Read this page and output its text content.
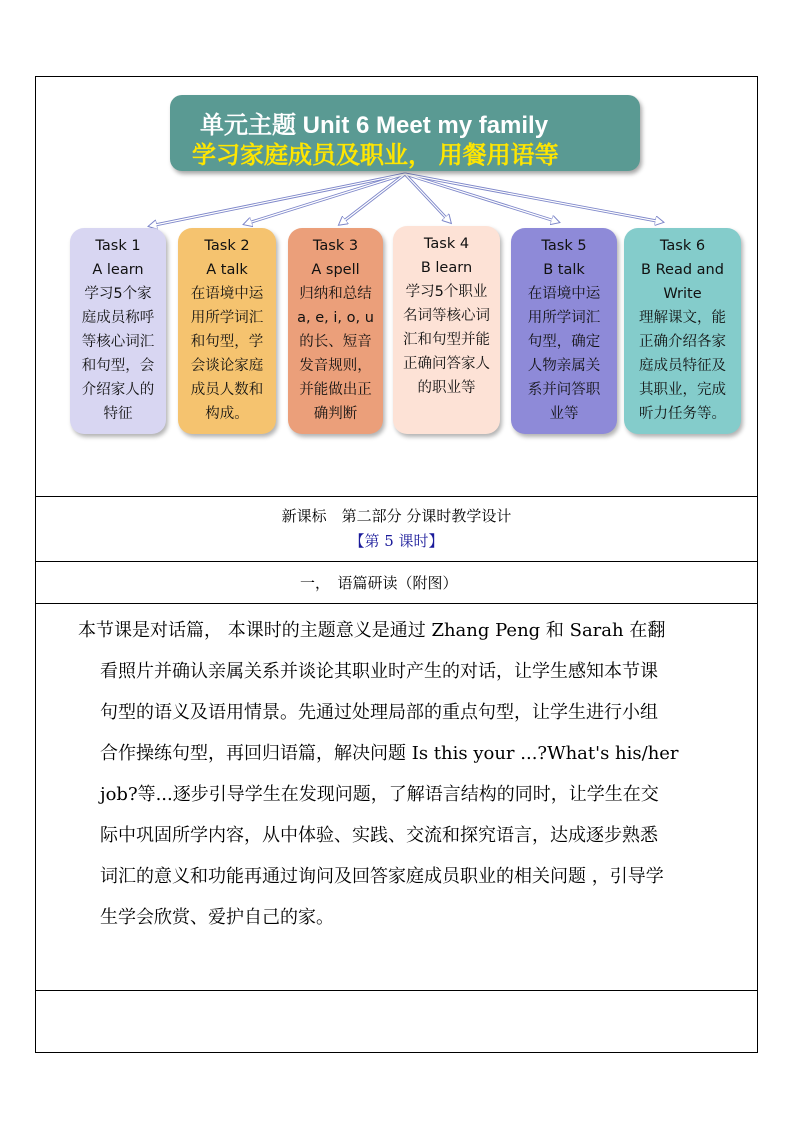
单元主题 Unit 6 Meet my family
学习家庭成员及职业， 用餐用语等
Task 1
A learn
学习5个家
庭成员称呼
等核心词汇
和句型，会
介绍家人的
特征
Task 2
A talk
在语境中运
用所学词汇
和句型，学
会谈论家庭
成员人数和
构成。
Task 3
A spell
归纳和总结
a, e, i, o, u
的长、短音
发音规则，
并能做出正
确判断
Task 4
B learn
学习5个职业
名词等核心词
汇和句型并能
正确问答家人
的职业等
Task 5
B talk
在语境中运
用所学词汇
句型，确定
人物亲属关
系并问答职
业等
Task 6
B Read and
Write
理解课文，能
正确介绍各家
庭成员特征及
其职业，完成
听力任务等。
新课标　第二部分 分课时教学设计
【第 5 课时】
一，　语篇研读（附图）
本节课是对话篇， 本课时的主题意义是通过 Zhang Peng 和 Sarah 在翻
看照片并确认亲属关系并谈论其职业时产生的对话，让学生感知本节课
句型的语义及语用情景。先通过处理局部的重点句型，让学生进行小组
合作操练句型，再回归语篇，解决问题 Is this your ...?What's his/her
job?等...逐步引导学生在发现问题，了解语言结构的同时，让学生在交
际中巩固所学内容，从中体验、实践、交流和探究语言，达成逐步熟悉
词汇的意义和功能再通过询问及回答家庭成员职业的相关问题 ，引导学
生学会欣赏、爱护自己的家。
